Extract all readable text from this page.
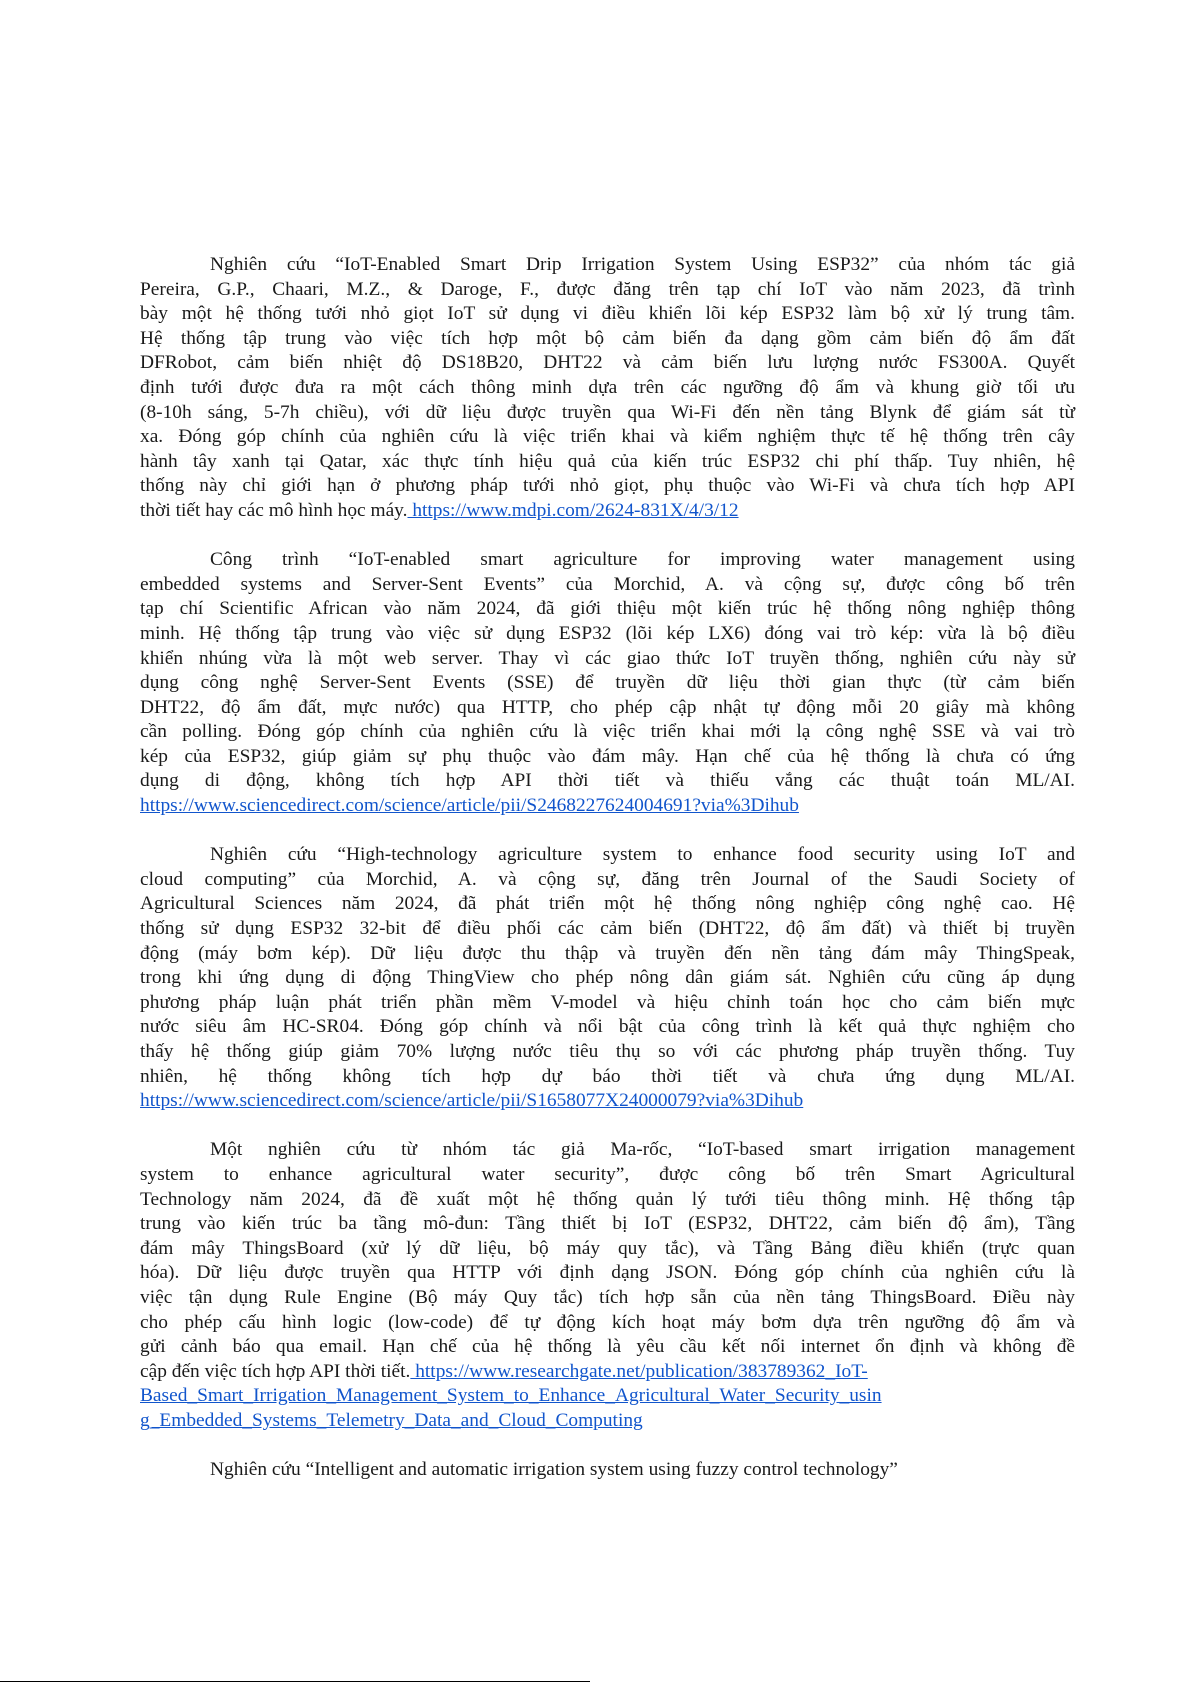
Nghiên cứu “IoT-Enabled Smart Drip Irrigation System Using ESP32” của nhóm tác giả
Pereira, G.P., Chaari, M.Z., & Daroge, F., được đăng trên tạp chí IoT vào năm 2023, đã trình
bày một hệ thống tưới nhỏ giọt IoT sử dụng vi điều khiển lõi kép ESP32 làm bộ xử lý trung tâm.
Hệ thống tập trung vào việc tích hợp một bộ cảm biến đa dạng gồm cảm biến độ ẩm đất
DFRobot, cảm biến nhiệt độ DS18B20, DHT22 và cảm biến lưu lượng nước FS300A. Quyết
định tưới được đưa ra một cách thông minh dựa trên các ngưỡng độ ẩm và khung giờ tối ưu
(8-10h sáng, 5-7h chiều), với dữ liệu được truyền qua Wi-Fi đến nền tảng Blynk để giám sát từ
xa. Đóng góp chính của nghiên cứu là việc triển khai và kiểm nghiệm thực tế hệ thống trên cây
hành tây xanh tại Qatar, xác thực tính hiệu quả của kiến trúc ESP32 chi phí thấp. Tuy nhiên, hệ
thống này chỉ giới hạn ở phương pháp tưới nhỏ giọt, phụ thuộc vào Wi-Fi và chưa tích hợp API
thời tiết hay các mô hình học máy. https://www.mdpi.com/2624-831X/4/3/12
Công trình “IoT-enabled smart agriculture for improving water management using
embedded systems and Server-Sent Events” của Morchid, A. và cộng sự, được công bố trên
tạp chí Scientific African vào năm 2024, đã giới thiệu một kiến trúc hệ thống nông nghiệp thông
minh. Hệ thống tập trung vào việc sử dụng ESP32 (lõi kép LX6) đóng vai trò kép: vừa là bộ điều
khiển nhúng vừa là một web server. Thay vì các giao thức IoT truyền thống, nghiên cứu này sử
dụng công nghệ Server-Sent Events (SSE) để truyền dữ liệu thời gian thực (từ cảm biến
DHT22, độ ẩm đất, mực nước) qua HTTP, cho phép cập nhật tự động mỗi 20 giây mà không
cần polling. Đóng góp chính của nghiên cứu là việc triển khai mới lạ công nghệ SSE và vai trò
kép của ESP32, giúp giảm sự phụ thuộc vào đám mây. Hạn chế của hệ thống là chưa có ứng
dụng di động, không tích hợp API thời tiết và thiếu vắng các thuật toán ML/AI.
https://www.sciencedirect.com/science/article/pii/S2468227624004691?via%3Dihub
Nghiên cứu “High-technology agriculture system to enhance food security using IoT and
cloud computing” của Morchid, A. và cộng sự, đăng trên Journal of the Saudi Society of
Agricultural Sciences năm 2024, đã phát triển một hệ thống nông nghiệp công nghệ cao. Hệ
thống sử dụng ESP32 32-bit để điều phối các cảm biến (DHT22, độ ẩm đất) và thiết bị truyền
động (máy bơm kép). Dữ liệu được thu thập và truyền đến nền tảng đám mây ThingSpeak,
trong khi ứng dụng di động ThingView cho phép nông dân giám sát. Nghiên cứu cũng áp dụng
phương pháp luận phát triển phần mềm V-model và hiệu chỉnh toán học cho cảm biến mực
nước siêu âm HC-SR04. Đóng góp chính và nổi bật của công trình là kết quả thực nghiệm cho
thấy hệ thống giúp giảm 70% lượng nước tiêu thụ so với các phương pháp truyền thống. Tuy
nhiên, hệ thống không tích hợp dự báo thời tiết và chưa ứng dụng ML/AI.
https://www.sciencedirect.com/science/article/pii/S1658077X24000079?via%3Dihub
Một nghiên cứu từ nhóm tác giả Ma-rốc, “IoT-based smart irrigation management
system to enhance agricultural water security”, được công bố trên Smart Agricultural
Technology năm 2024, đã đề xuất một hệ thống quản lý tưới tiêu thông minh. Hệ thống tập
trung vào kiến trúc ba tầng mô-đun: Tầng thiết bị IoT (ESP32, DHT22, cảm biến độ ẩm), Tầng
đám mây ThingsBoard (xử lý dữ liệu, bộ máy quy tắc), và Tầng Bảng điều khiển (trực quan
hóa). Dữ liệu được truyền qua HTTP với định dạng JSON. Đóng góp chính của nghiên cứu là
việc tận dụng Rule Engine (Bộ máy Quy tắc) tích hợp sẵn của nền tảng ThingsBoard. Điều này
cho phép cấu hình logic (low-code) để tự động kích hoạt máy bơm dựa trên ngưỡng độ ẩm và
gửi cảnh báo qua email. Hạn chế của hệ thống là yêu cầu kết nối internet ổn định và không đề
cập đến việc tích hợp API thời tiết. https://www.researchgate.net/publication/383789362_IoT-
Based_Smart_Irrigation_Management_System_to_Enhance_Agricultural_Water_Security_usin
g_Embedded_Systems_Telemetry_Data_and_Cloud_Computing
Nghiên cứu “Intelligent and automatic irrigation system using fuzzy control technology”
